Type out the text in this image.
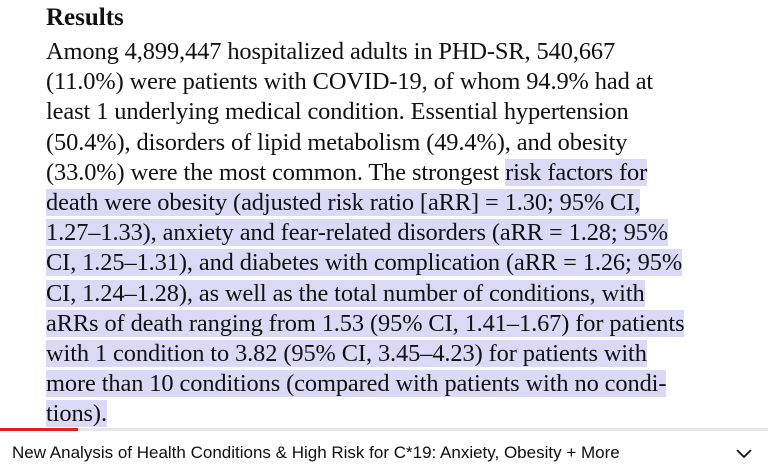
Results
Among 4,899,447 hospitalized adults in PHD-SR, 540,667
(11.0%) were patients with COVID-19, of whom 94.9% had at
least 1 underlying medical condition. Essential hypertension
(50.4%), disorders of lipid metabolism (49.4%), and obesity
(33.0%) were the most common. The strongest risk factors for
death were obesity (adjusted risk ratio [aRR] = 1.30; 95% CI,
1.27–1.33), anxiety and fear-related disorders (aRR = 1.28; 95%
CI, 1.25–1.31), and diabetes with complication (aRR = 1.26; 95%
CI, 1.24–1.28), as well as the total number of conditions, with
aRRs of death ranging from 1.53 (95% CI, 1.41–1.67) for patients
with 1 condition to 3.82 (95% CI, 3.45–4.23) for patients with
more than 10 conditions (compared with patients with no condi-
tions).
New Analysis of Health Conditions & High Risk for C*19: Anxiety, Obesity + More
